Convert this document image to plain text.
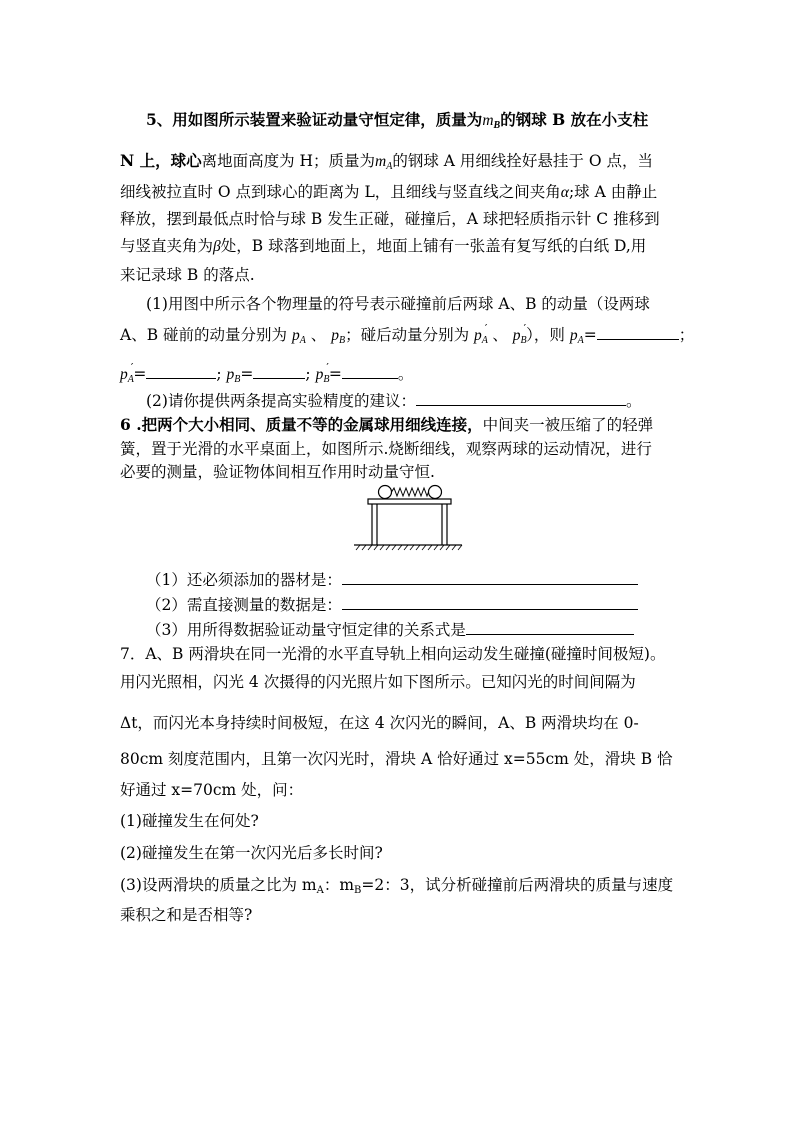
5、用如图所示装置来验证动量守恒定律，质量为$m_B$的钢球 B 放在小支柱
N 上，球心离地面高度为 H；质量为$m_A$的钢球 A 用细线拴好悬挂于 O 点，当
细线被拉直时 O 点到球心的距离为 L，且细线与竖直线之间夹角α;球 A 由静止
释放，摆到最低点时恰与球 B 发生正碰，碰撞后，A 球把轻质指示针 C 推移到
与竖直夹角为β处，B 球落到地面上，地面上铺有一张盖有复写纸的白纸 D,用
来记录球 B 的落点.
(1)用图中所示各个物理量的符号表示碰撞前后两球 A、B 的动量（设两球
A、B 碰前的动量分别为 $p_A$ 、 $p_B$；碰后动量分别为 $p_A'$ 、 $p_B'$），则 $p_A=$	；
$p_A'=$	; $p_B=$	; $p_B'=$	。
(2)请你提供两条提高实验精度的建议：	。
6 .把两个大小相同、质量不等的金属球用细线连接，中间夹一被压缩了的轻弹
簧，置于光滑的水平桌面上，如图所示.烧断细线，观察两球的运动情况，进行
必要的测量，验证物体间相互作用时动量守恒.
（1）还必须添加的器材是：
（2）需直接测量的数据是：
（3）用所得数据验证动量守恒定律的关系式是
7．A、B 两滑块在同一光滑的水平直导轨上相向运动发生碰撞(碰撞时间极短)。
用闪光照相，闪光 4 次摄得的闪光照片如下图所示。已知闪光的时间间隔为
Δt，而闪光本身持续时间极短，在这 4 次闪光的瞬间，A、B 两滑块均在 0-
80cm 刻度范围内，且第一次闪光时，滑块 A 恰好通过 x=55cm 处，滑块 B 恰
好通过 x=70cm 处，问：
(1)碰撞发生在何处?
(2)碰撞发生在第一次闪光后多长时间?
(3)设两滑块的质量之比为 mA：mB=2：3，试分析碰撞前后两滑块的质量与速度
乘积之和是否相等?
